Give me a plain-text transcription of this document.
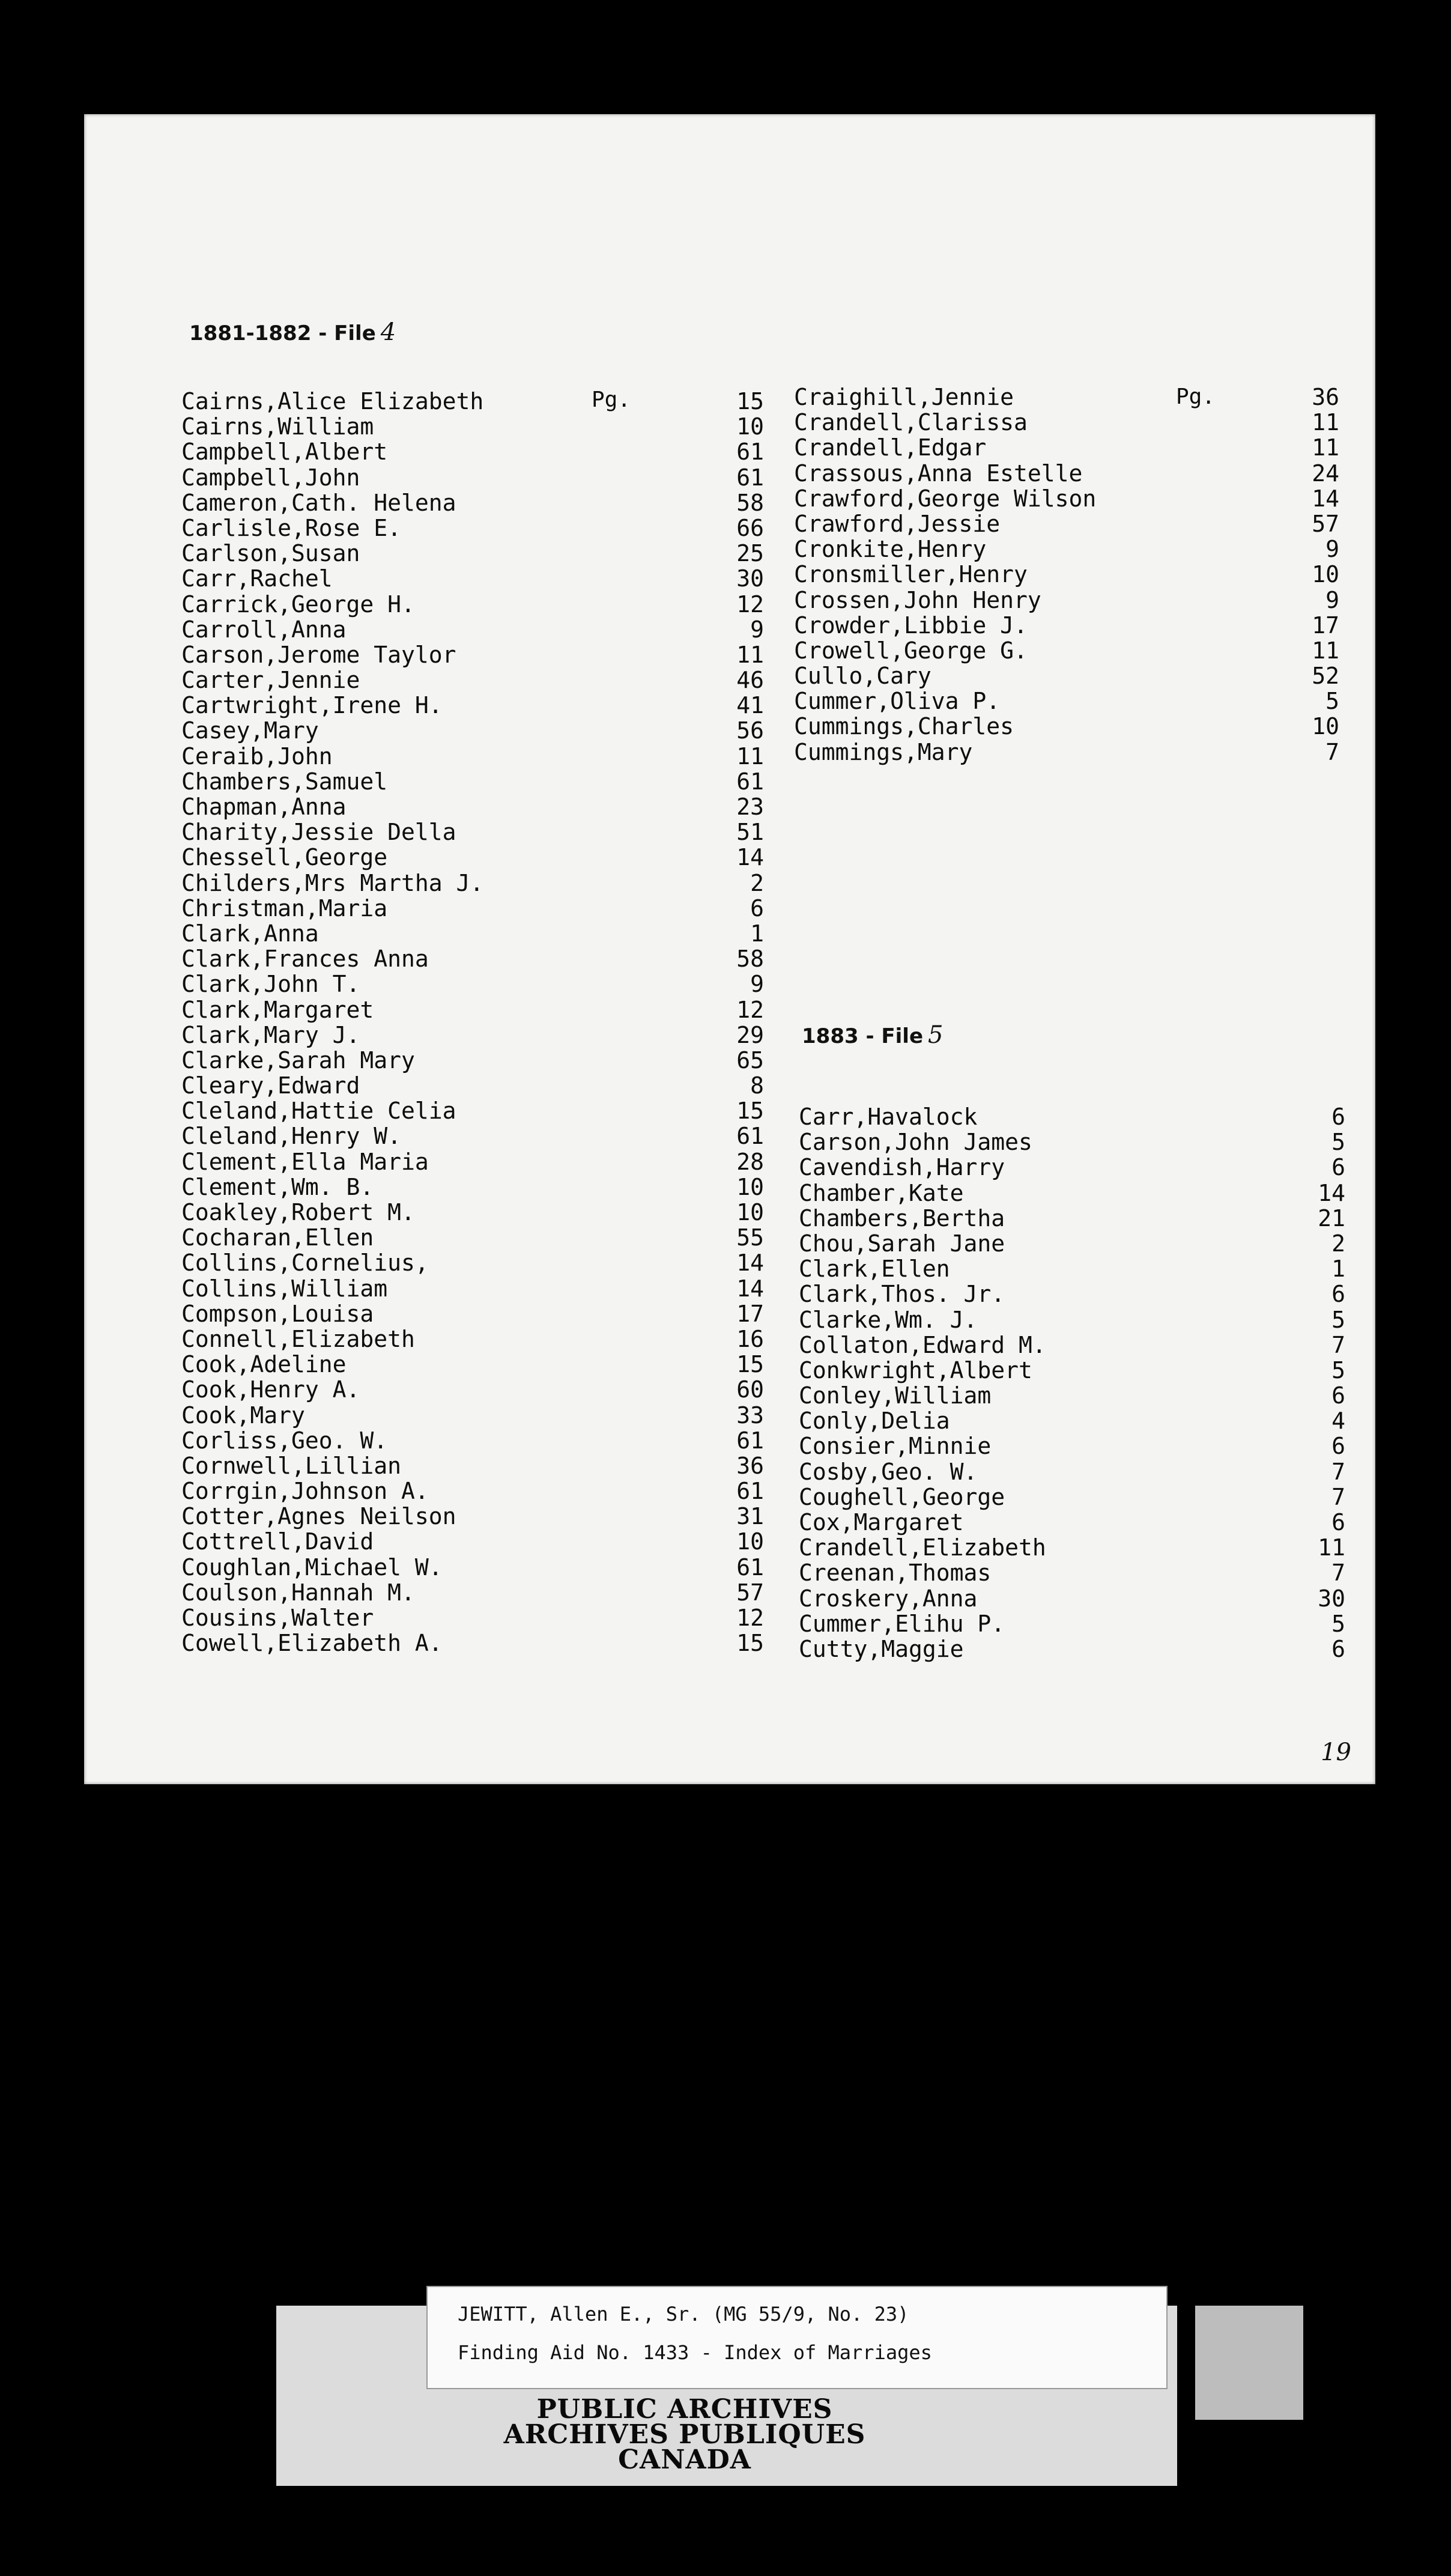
1881-1882 - File 4
Pg.	Pg.
Cairns,Alice Elizabeth	15
Cairns,William	10
Campbell,Albert	61
Campbell,John	61
Cameron,Cath. Helena	58
Carlisle,Rose E.	66
Carlson,Susan	25
Carr,Rachel	30
Carrick,George H.	12
Carroll,Anna	9
Carson,Jerome Taylor	11
Carter,Jennie	46
Cartwright,Irene H.	41
Casey,Mary	56
Ceraib,John	11
Chambers,Samuel	61
Chapman,Anna	23
Charity,Jessie Della	51
Chessell,George	14
Childers,Mrs Martha J.	2
Christman,Maria	6
Clark,Anna	1
Clark,Frances Anna	58
Clark,John T.	9
Clark,Margaret	12
Clark,Mary J.	29
Clarke,Sarah Mary	65
Cleary,Edward	8
Cleland,Hattie Celia	15
Cleland,Henry W.	61
Clement,Ella Maria	28
Clement,Wm. B.	10
Coakley,Robert M.	10
Cocharan,Ellen	55
Collins,Cornelius,	14
Collins,William	14
Compson,Louisa	17
Connell,Elizabeth	16
Cook,Adeline	15
Cook,Henry A.	60
Cook,Mary	33
Corliss,Geo. W.	61
Cornwell,Lillian	36
Corrgin,Johnson A.	61
Cotter,Agnes Neilson	31
Cottrell,David	10
Coughlan,Michael W.	61
Coulson,Hannah M.	57
Cousins,Walter	12
Cowell,Elizabeth A.	15
Craighill,Jennie	36
Crandell,Clarissa	11
Crandell,Edgar	11
Crassous,Anna Estelle	24
Crawford,George Wilson	14
Crawford,Jessie	57
Cronkite,Henry	9
Cronsmiller,Henry	10
Crossen,John Henry	9
Crowder,Libbie J.	17
Crowell,George G.	11
Cullo,Cary	52
Cummer,Oliva P.	5
Cummings,Charles	10
Cummings,Mary	7
1883 - File 5
Carr,Havalock	6
Carson,John James	5
Cavendish,Harry	6
Chamber,Kate	14
Chambers,Bertha	21
Chou,Sarah Jane	2
Clark,Ellen	1
Clark,Thos. Jr.	6
Clarke,Wm. J.	5
Collaton,Edward M.	7
Conkwright,Albert	5
Conley,William	6
Conly,Delia	4
Consier,Minnie	6
Cosby,Geo. W.	7
Coughell,George	7
Cox,Margaret	6
Crandell,Elizabeth	11
Creenan,Thomas	7
Croskery,Anna	30
Cummer,Elihu P.	5
Cutty,Maggie	6
19
JEWITT, Allen E., Sr. (MG 55/9, No. 23)
Finding Aid No. 1433 - Index of Marriages
PUBLIC ARCHIVES
ARCHIVES PUBLIQUES
CANADA
